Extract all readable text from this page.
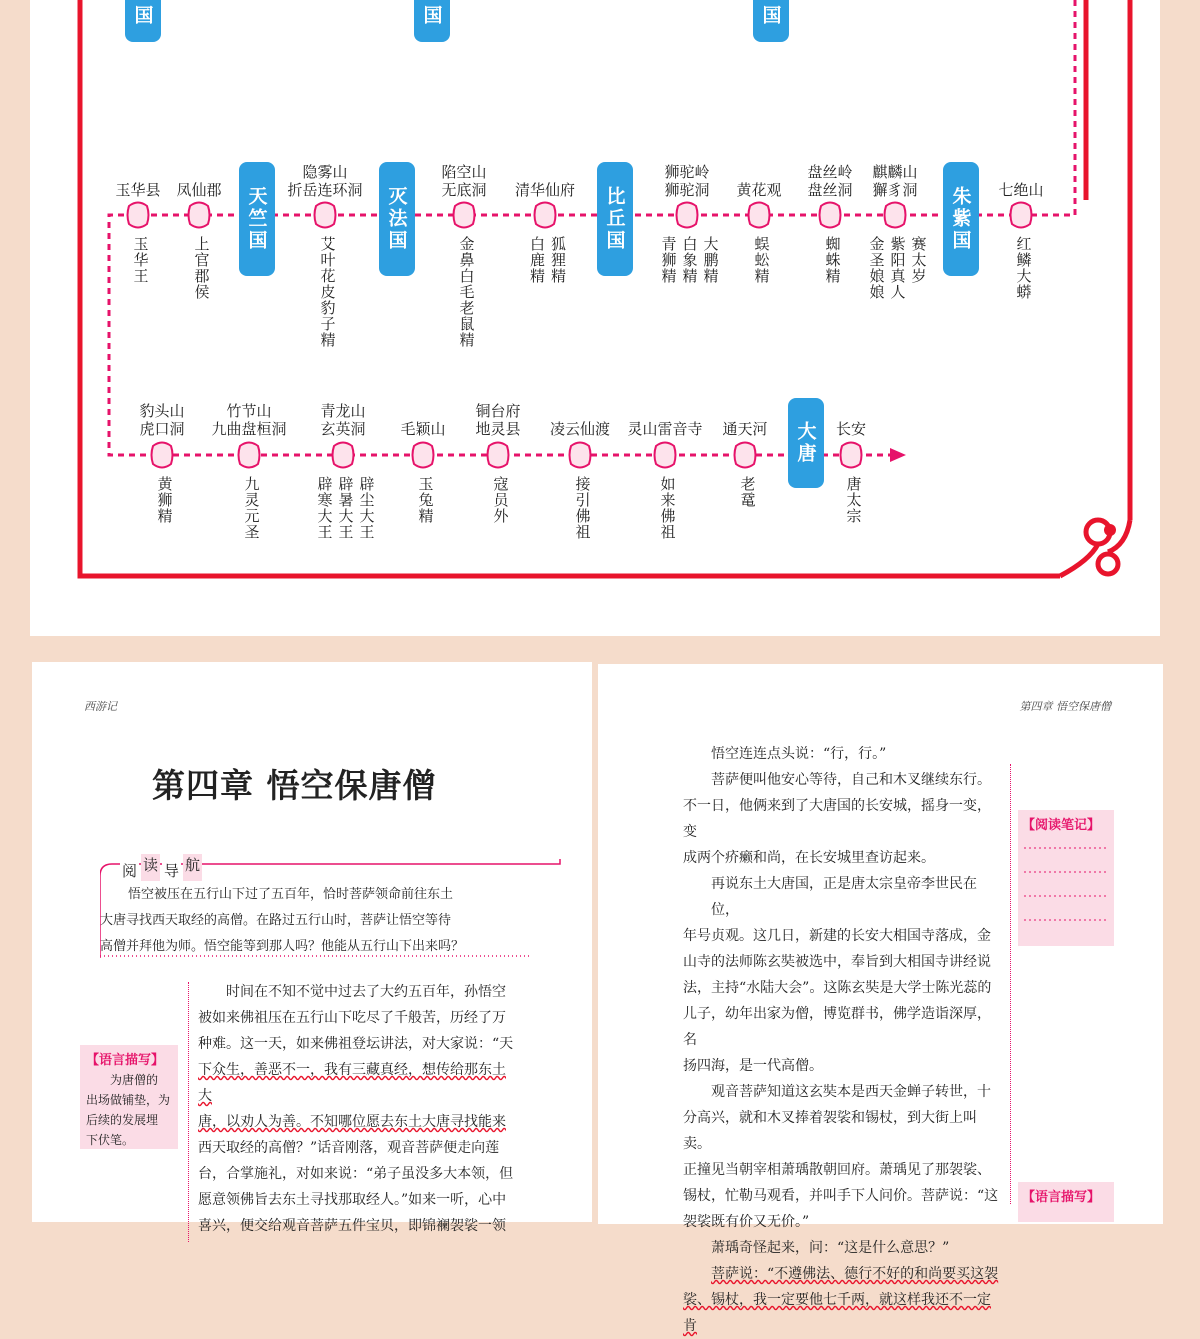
国	国	国
玉华县
玉华王
凤仙郡
上官郡侯
隐雾山
折岳连环洞
艾叶花皮豹子精
陷空山
无底洞
金鼻白毛老鼠精
清华仙府
狐狸精
白鹿精
狮驼岭
狮驼洞
大鹏精
白象精
青狮精
黄花观
蜈蚣精
盘丝岭
盘丝洞
蜘蛛精
麒麟山
獬豸洞
赛太岁
紫阳真人
金圣娘娘
七绝山
红鳞大蟒
天竺国	灭法国	比丘国	朱紫国
豹头山
虎口洞
黄狮精
竹节山
九曲盘桓洞
九灵元圣
青龙山
玄英洞
辟尘大王
辟暑大王
辟寒大王
毛颖山
玉兔精
铜台府
地灵县
寇员外
凌云仙渡
接引佛祖
灵山雷音寺
如来佛祖
通天河
老鼋
长安
唐太宗
大唐
西游记
第四章 悟空保唐僧
阅 读 导 航
悟空被压在五行山下过了五百年，恰时菩萨领命前往东土
大唐寻找西天取经的高僧。在路过五行山时，菩萨让悟空等待
高僧并拜他为师。悟空能等到那人吗？他能从五行山下出来吗？
【语言描写】
为唐僧的
出场做铺垫，为
后续的发展埋
下伏笔。
时间在不知不觉中过去了大约五百年，孙悟空
被如来佛祖压在五行山下吃尽了千般苦，历经了万
种难。这一天，如来佛祖登坛讲法，对大家说：“天
下众生，善恶不一，我有三藏真经，想传给那东土大
唐，以劝人为善。不知哪位愿去东土大唐寻找能来
西天取经的高僧？”话音刚落，观音菩萨便走向莲
台，合掌施礼，对如来说：“弟子虽没多大本领，但
愿意领佛旨去东土寻找那取经人。”如来一听，心中
喜兴，便交给观音菩萨五件宝贝，即锦襕袈裟一领
第四章 悟空保唐僧
悟空连连点头说：“行，行。”
菩萨便叫他安心等待，自己和木叉继续东行。
不一日，他俩来到了大唐国的长安城，摇身一变，变
成两个疥癞和尚，在长安城里查访起来。
再说东土大唐国，正是唐太宗皇帝李世民在位，
年号贞观。这几日，新建的长安大相国寺落成，金
山寺的法师陈玄奘被选中，奉旨到大相国寺讲经说
法，主持“水陆大会”。这陈玄奘是大学士陈光蕊的
儿子，幼年出家为僧，博览群书，佛学造诣深厚，名
扬四海，是一代高僧。
观音菩萨知道这玄奘本是西天金蝉子转世，十
分高兴，就和木叉捧着袈裟和锡杖，到大街上叫卖。
正撞见当朝宰相萧瑀散朝回府。萧瑀见了那袈裟、
锡杖，忙勒马观看，并叫手下人问价。菩萨说：“这
袈裟既有价又无价。”
萧瑀奇怪起来，问：“这是什么意思？”
菩萨说：“不遵佛法、德行不好的和尚要买这袈
裟、锡杖，我一定要他七千两，就这样我还不一定肯
【阅读笔记】
【语言描写】
